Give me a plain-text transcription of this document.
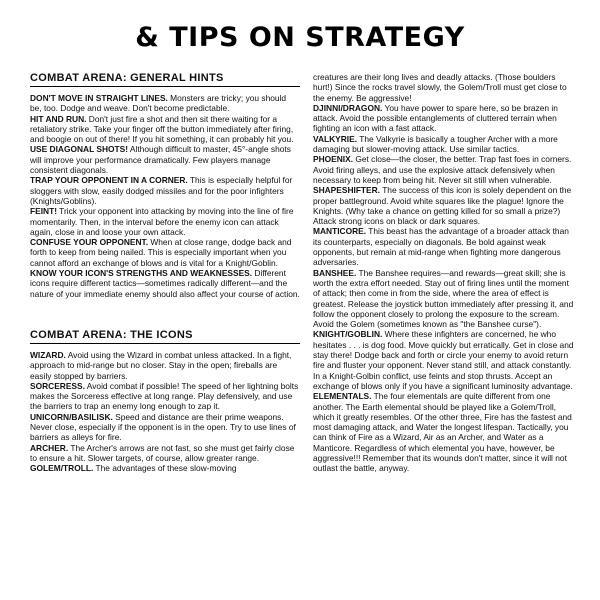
& TIPS ON STRATEGY
COMBAT ARENA: GENERAL HINTS

DON'T MOVE IN STRAIGHT LINES. Monsters are tricky; you should be, too. Dodge and weave. Don't become predictable.

HIT AND RUN. Don't just fire a shot and then sit there waiting for a retaliatory strike. Take your finger off the button immediately after firing, and boogie on out of there! If you hit something, it can probably hit you.

USE DIAGONAL SHOTS! Although difficult to master, 45°-angle shots will improve your performance dramatically. Few players manage consistent diagonals.

TRAP YOUR OPPONENT IN A CORNER. This is especially helpful for sloggers with slow, easily dodged missiles and for the poor infighters (Knights/Goblins).

FEINT! Trick your opponent into attacking by moving into the line of fire momentarily. Then, in the interval before the enemy icon can attack again, close in and loose your own attack.

CONFUSE YOUR OPPONENT. When at close range, dodge back and forth to keep from being nailed. This is especially important when you cannot afford an exchange of blows and is vital for a Knight/Goblin.

KNOW YOUR ICON'S STRENGTHS AND WEAKNESSES. Different icons require different tactics—sometimes radically different—and the nature of your immediate enemy should also affect your course of action.

COMBAT ARENA: THE ICONS

WIZARD. Avoid using the Wizard in combat unless attacked. In a fight, approach to mid-range but no closer. Stay in the open; fireballs are easily stopped by barriers.

SORCERESS. Avoid combat if possible! The speed of her lightning bolts makes the Sorceress effective at long range. Play defensively, and use the barriers to trap an enemy long enough to zap it.

UNICORN/BASILISK. Speed and distance are their prime weapons. Never close, especially if the opponent is in the open. Try to use lines of barriers as alleys for fire.

ARCHER. The Archer's arrows are not fast, so she must get fairly close to ensure a hit. Slower targets, of course, allow greater range.

GOLEM/TROLL. The advantages of these slow-moving

creatures are their long lives and deadly attacks. (Those boulders hurt!) Since the rocks travel slowly, the Golem/Troll must get close to the enemy. Be aggressive!

DJINNI/DRAGON. You have power to spare here, so be brazen in attack. Avoid the possible entanglements of cluttered terrain when fighting an icon with a fast attack.

VALKYRIE. The Valkyrie is basically a tougher Archer with a more damaging but slower-moving attack. Use similar tactics.

PHOENIX. Get close—the closer, the better. Trap fast foes in corners. Avoid firing alleys, and use the explosive attack defensively when necessary to keep from being hit. Never sit still when vulnerable.

SHAPESHIFTER. The success of this icon is solely dependent on the proper battleground. Avoid white squares like the plague! Ignore the Knights. (Why take a chance on getting killed for so small a prize?) Attack strong icons on black or dark squares.

MANTICORE. This beast has the advantage of a broader attack than its counterparts, especially on diagonals. Be bold against weak opponents, but remain at mid-range when fighting more dangerous adversaries.

BANSHEE. The Banshee requires—and rewards—great skill; she is worth the extra effort needed. Stay out of firing lines until the moment of attack; then come in from the side, where the area of effect is greatest. Release the joystick button immediately after pressing it, and follow the opponent closely to prolong the exposure to the scream. Avoid the Golem (sometimes known as "the Banshee curse").

KNIGHT/GOBLIN. Where these infighters are concerned, he who hesitates . . . is dog food. Move quickly but erratically. Get in close and stay there! Dodge back and forth or circle your enemy to avoid return fire and fluster your opponent. Never stand still, and attack constantly. In a Knight-Golbin conflict, use feints and stop thrusts. Accept an exchange of blows only if you have a significant luminosity advantage.

ELEMENTALS. The four elementals are quite different from one another. The Earth elemental should be played like a Golem/Troll, which it greatly resembles. Of the other three, Fire has the fastest and most damaging attack, and Water the longest lifespan. Tactically, you can think of Fire as a Wizard, Air as an Archer, and Water as a Manticore. Regardless of which elemental you have, however, be aggressive!!! Remember that its wounds don't matter, since it will not outlast the battle, anyway.
